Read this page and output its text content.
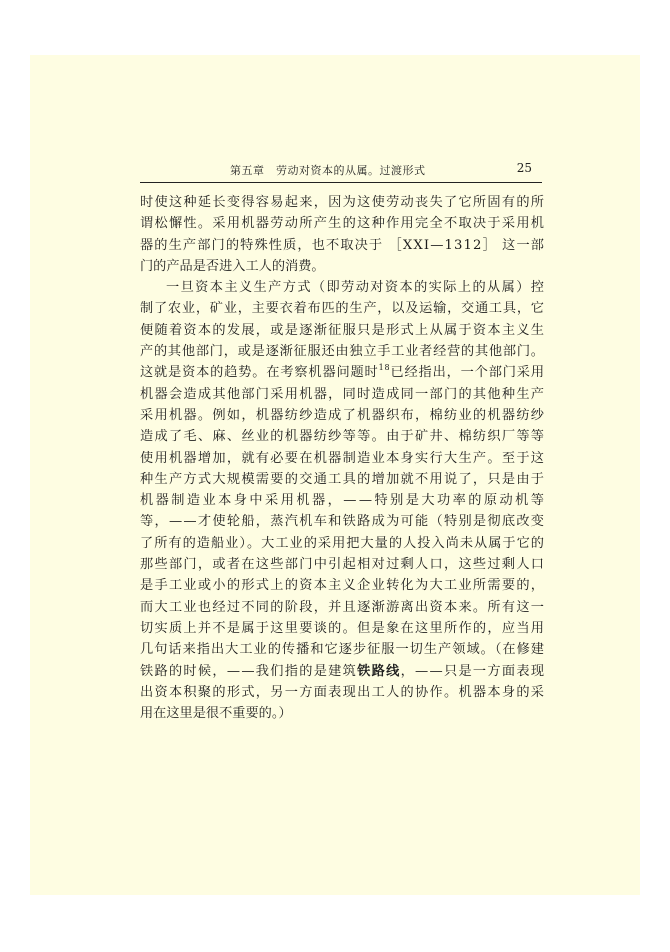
第五章　劳动对资本的从属。过渡形式	25
时使这种延长变得容易起来，因为这使劳动丧失了它所固有的所
谓松懈性。采用机器劳动所产生的这种作用完全不取决于采用机
器的生产部门的特殊性质，也不取决于 ［ⅩⅩⅠ—1312］ 这一部
门的产品是否进入工人的消费。
一旦资本主义生产方式（即劳动对资本的实际上的从属）控
制了农业，矿业，主要衣着布匹的生产，以及运输，交通工具，它
便随着资本的发展，或是逐渐征服只是形式上从属于资本主义生
产的其他部门，或是逐渐征服还由独立手工业者经营的其他部门。
这就是资本的趋势。在考察机器问题时$^{18}$已经指出，一个部门采用
机器会造成其他部门采用机器，同时造成同一部门的其他种生产
采用机器。例如，机器纺纱造成了机器织布，棉纺业的机器纺纱
造成了毛、麻、丝业的机器纺纱等等。由于矿井、棉纺织厂等等
使用机器增加，就有必要在机器制造业本身实行大生产。至于这
种生产方式大规模需要的交通工具的增加就不用说了，只是由于
机器制造业本身中采用机器，——特别是大功率的原动机等
等，——才使轮船，蒸汽机车和铁路成为可能（特别是彻底改变
了所有的造船业）。大工业的采用把大量的人投入尚未从属于它的
那些部门，或者在这些部门中引起相对过剩人口，这些过剩人口
是手工业或小的形式上的资本主义企业转化为大工业所需要的，
而大工业也经过不同的阶段，并且逐渐游离出资本来。所有这一
切实质上并不是属于这里要谈的。但是象在这里所作的，应当用
几句话来指出大工业的传播和它逐步征服一切生产领域。（在修建
铁路的时候，——我们指的是建筑铁路线，——只是一方面表现
出资本积聚的形式，另一方面表现出工人的协作。机器本身的采
用在这里是很不重要的。）
